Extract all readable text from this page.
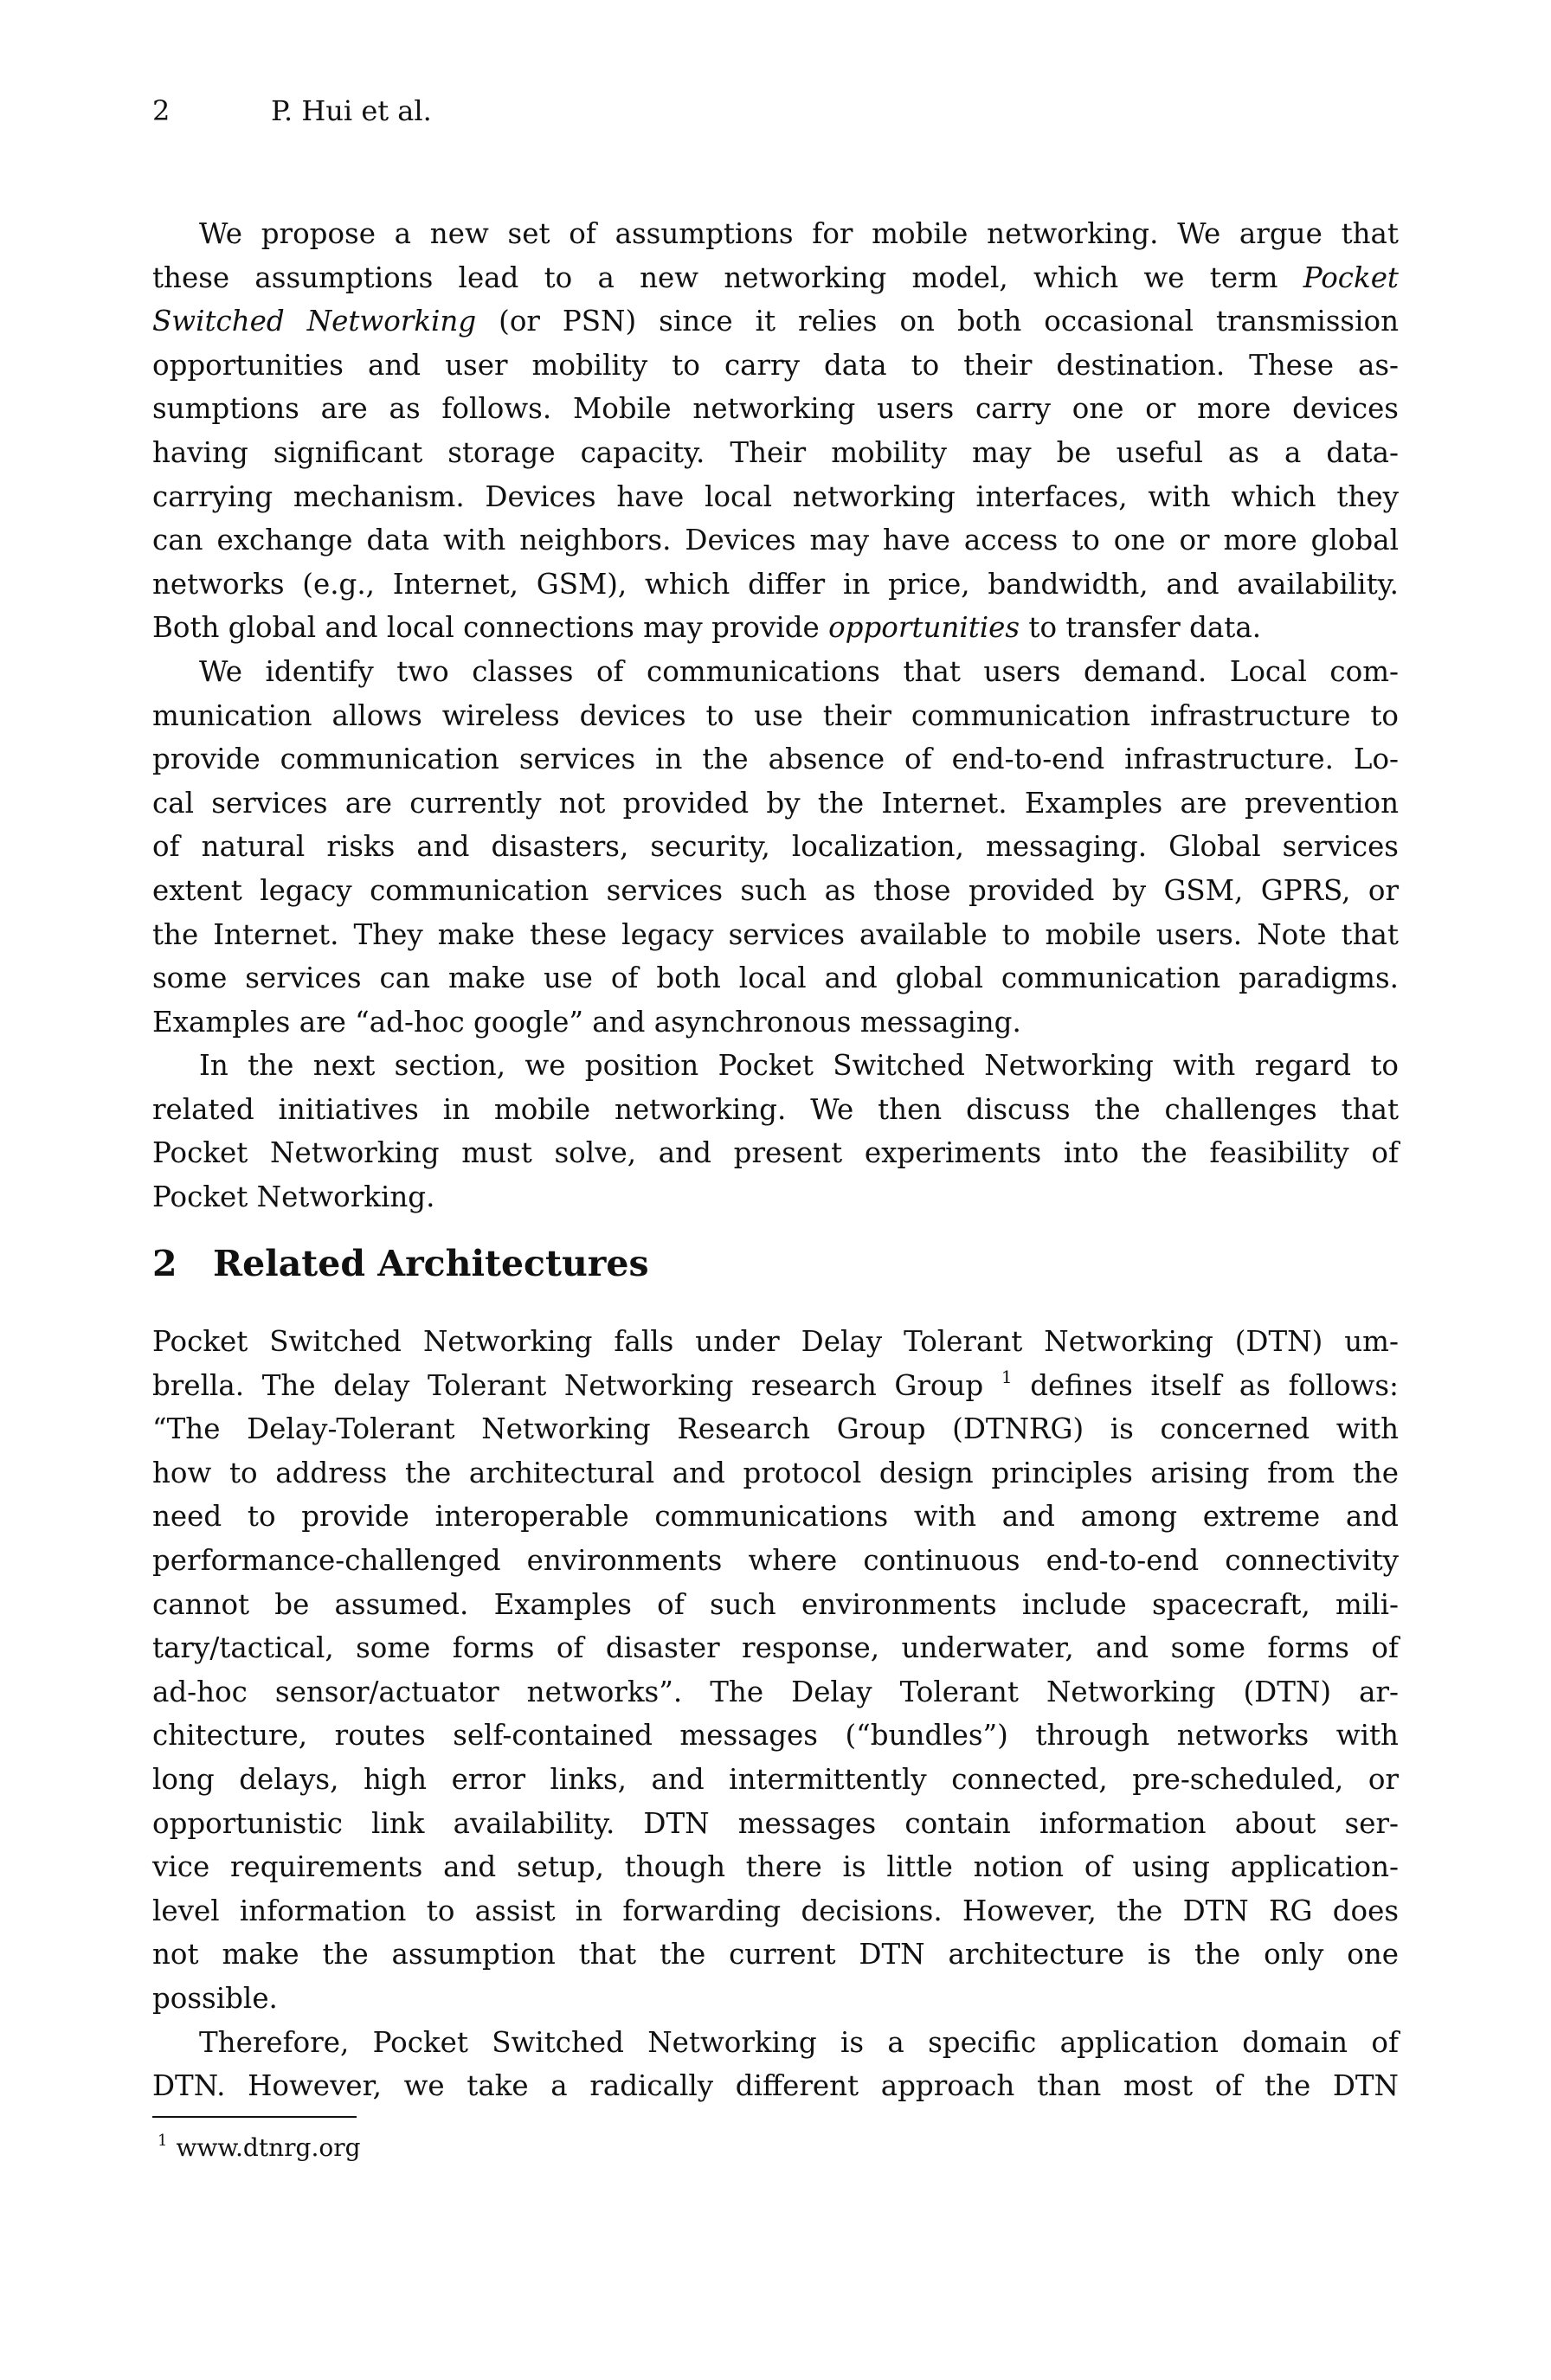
2	P. Hui et al.
We propose a new set of assumptions for mobile networking. We argue that
these assumptions lead to a new networking model, which we term Pocket
Switched Networking (or PSN) since it relies on both occasional transmission
opportunities and user mobility to carry data to their destination. These as-
sumptions are as follows. Mobile networking users carry one or more devices
having significant storage capacity. Their mobility may be useful as a data-
carrying mechanism. Devices have local networking interfaces, with which they
can exchange data with neighbors. Devices may have access to one or more global
networks (e.g., Internet, GSM), which differ in price, bandwidth, and availability.
Both global and local connections may provide opportunities to transfer data.
We identify two classes of communications that users demand. Local com-
munication allows wireless devices to use their communication infrastructure to
provide communication services in the absence of end-to-end infrastructure. Lo-
cal services are currently not provided by the Internet. Examples are prevention
of natural risks and disasters, security, localization, messaging. Global services
extent legacy communication services such as those provided by GSM, GPRS, or
the Internet. They make these legacy services available to mobile users. Note that
some services can make use of both local and global communication paradigms.
Examples are “ad-hoc google” and asynchronous messaging.
In the next section, we position Pocket Switched Networking with regard to
related initiatives in mobile networking. We then discuss the challenges that
Pocket Networking must solve, and present experiments into the feasibility of
Pocket Networking.
2 Related Architectures
Pocket Switched Networking falls under Delay Tolerant Networking (DTN) um-
brella. The delay Tolerant Networking research Group $^1$ defines itself as follows:
“The Delay-Tolerant Networking Research Group (DTNRG) is concerned with
how to address the architectural and protocol design principles arising from the
need to provide interoperable communications with and among extreme and
performance-challenged environments where continuous end-to-end connectivity
cannot be assumed. Examples of such environments include spacecraft, mili-
tary/tactical, some forms of disaster response, underwater, and some forms of
ad-hoc sensor/actuator networks”. The Delay Tolerant Networking (DTN) ar-
chitecture, routes self-contained messages (“bundles”) through networks with
long delays, high error links, and intermittently connected, pre-scheduled, or
opportunistic link availability. DTN messages contain information about ser-
vice requirements and setup, though there is little notion of using application-
level information to assist in forwarding decisions. However, the DTN RG does
not make the assumption that the current DTN architecture is the only one
possible.
Therefore, Pocket Switched Networking is a specific application domain of
DTN. However, we take a radically different approach than most of the DTN
$^1$ www.dtnrg.org
